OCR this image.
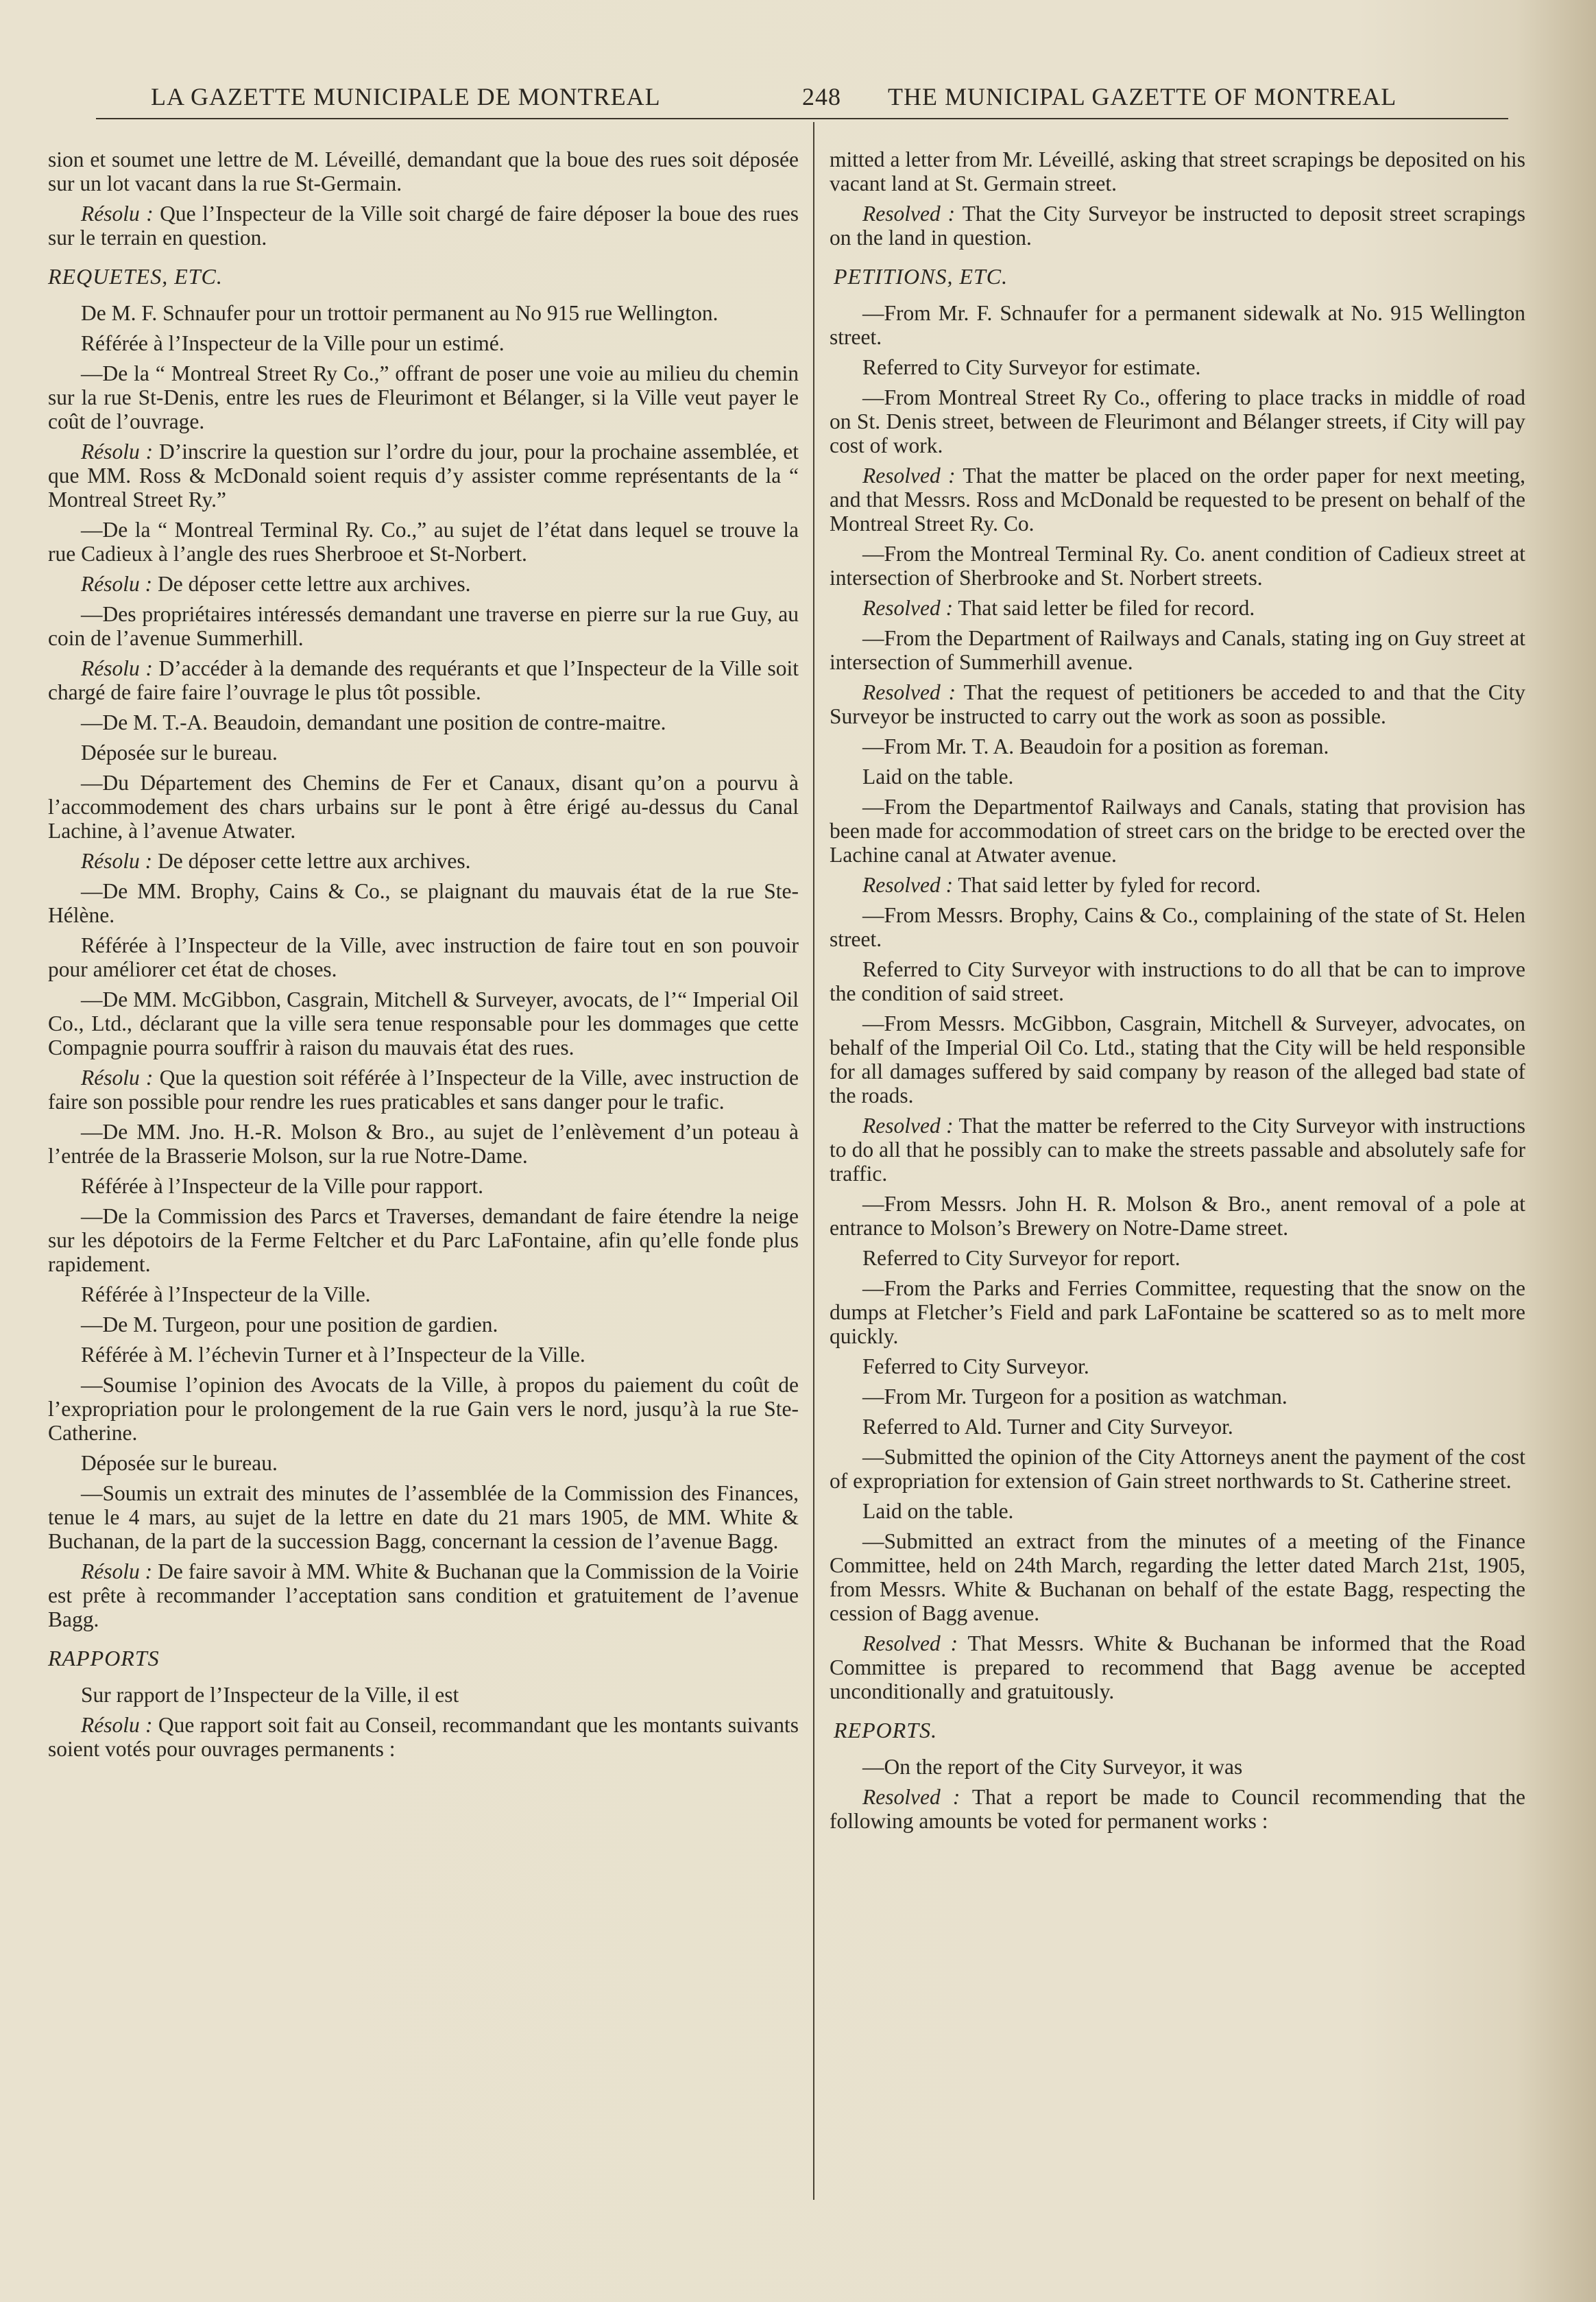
LA GAZETTE MUNICIPALE DE MONTREAL	248 THE MUNICIPAL GAZETTE OF MONTREAL

sion et soumet une lettre de M. Léveillé, demandant que la boue des rues soit déposée sur un lot vacant dans la rue St-Germain.

Résolu : Que l’Inspecteur de la Ville soit chargé de faire déposer la boue des rues sur le terrain en question.

REQUETES, ETC.

De M. F. Schnaufer pour un trottoir permanent au No 915 rue Wellington.

Référée à l’Inspecteur de la Ville pour un estimé.

—De la “ Montreal Street Ry Co.,” offrant de poser une voie au milieu du chemin sur la rue St-Denis, entre les rues de Fleurimont et Bélanger, si la Ville veut payer le coût de l’ouvrage.

Résolu : D’inscrire la question sur l’ordre du jour, pour la prochaine assemblée, et que MM. Ross & McDonald soient requis d’y assister comme représentants de la “ Montreal Street Ry.”

—De la “ Montreal Terminal Ry. Co.,” au sujet de l’état dans lequel se trouve la rue Cadieux à l’angle des rues Sherbrooe et St-Norbert.

Résolu : De déposer cette lettre aux archives.

—Des propriétaires intéressés demandant une traverse en pierre sur la rue Guy, au coin de l’avenue Summerhill.

Résolu : D’accéder à la demande des requérants et que l’Inspecteur de la Ville soit chargé de faire faire l’ouvrage le plus tôt possible.

—De M. T.-A. Beaudoin, demandant une position de contre-maitre.

Déposée sur le bureau.

—Du Département des Chemins de Fer et Canaux, disant qu’on a pourvu à l’accommodement des chars urbains sur le pont à être érigé au-dessus du Canal Lachine, à l’avenue Atwater.

Résolu : De déposer cette lettre aux archives.

—De MM. Brophy, Cains & Co., se plaignant du mauvais état de la rue Ste-Hélène.

Référée à l’Inspecteur de la Ville, avec instruction de faire tout en son pouvoir pour améliorer cet état de choses.

—De MM. McGibbon, Casgrain, Mitchell & Surveyer, avocats, de l’“ Imperial Oil Co., Ltd., déclarant que la ville sera tenue responsable pour les dommages que cette Compagnie pourra souffrir à raison du mauvais état des rues.

Résolu : Que la question soit référée à l’Inspecteur de la Ville, avec instruction de faire son possible pour rendre les rues praticables et sans danger pour le trafic.

—De MM. Jno. H.-R. Molson & Bro., au sujet de l’enlèvement d’un poteau à l’entrée de la Brasserie Molson, sur la rue Notre-Dame.

Référée à l’Inspecteur de la Ville pour rapport.

—De la Commission des Parcs et Traverses, demandant de faire étendre la neige sur les dépotoirs de la Ferme Feltcher et du Parc LaFontaine, afin qu’elle fonde plus rapidement.

Référée à l’Inspecteur de la Ville.

—De M. Turgeon, pour une position de gardien.

Référée à M. l’échevin Turner et à l’Inspecteur de la Ville.

—Soumise l’opinion des Avocats de la Ville, à propos du paiement du coût de l’expropriation pour le prolongement de la rue Gain vers le nord, jusqu’à la rue Ste-Catherine.

Déposée sur le bureau.

—Soumis un extrait des minutes de l’assemblée de la Commission des Finances, tenue le 4 mars, au sujet de la lettre en date du 21 mars 1905, de MM. White & Buchanan, de la part de la succession Bagg, concernant la cession de l’avenue Bagg.

Résolu : De faire savoir à MM. White & Buchanan que la Commission de la Voirie est prête à recommander l’acceptation sans condition et gratuitement de l’avenue Bagg.

RAPPORTS

Sur rapport de l’Inspecteur de la Ville, il est

Résolu : Que rapport soit fait au Conseil, recommandant que les montants suivants soient votés pour ouvrages permanents :

mitted a letter from Mr. Léveillé, asking that street scrapings be deposited on his vacant land at St. Germain street.

Resolved : That the City Surveyor be instructed to deposit street scrapings on the land in question.

PETITIONS, ETC.

—From Mr. F. Schnaufer for a permanent sidewalk at No. 915 Wellington street.

Referred to City Surveyor for estimate.

—From Montreal Street Ry Co., offering to place tracks in middle of road on St. Denis street, between de Fleurimont and Bélanger streets, if City will pay cost of work.

Resolved : That the matter be placed on the order paper for next meeting, and that Messrs. Ross and McDonald be requested to be present on behalf of the Montreal Street Ry. Co.

—From the Montreal Terminal Ry. Co. anent condition of Cadieux street at intersection of Sherbrooke and St. Norbert streets.

Resolved : That said letter be filed for record.

—From the Department of Railways and Canals, stating ing on Guy street at intersection of Summerhill avenue.

Resolved : That the request of petitioners be acceded to and that the City Surveyor be instructed to carry out the work as soon as possible.

—From Mr. T. A. Beaudoin for a position as foreman.

Laid on the table.

—From the Departmentof Railways and Canals, stating that provision has been made for accommodation of street cars on the bridge to be erected over the Lachine canal at Atwater avenue.

Resolved : That said letter by fyled for record.

—From Messrs. Brophy, Cains & Co., complaining of the state of St. Helen street.

Referred to City Surveyor with instructions to do all that be can to improve the condition of said street.

—From Messrs. McGibbon, Casgrain, Mitchell & Surveyer, advocates, on behalf of the Imperial Oil Co. Ltd., stating that the City will be held responsible for all damages suffered by said company by reason of the alleged bad state of the roads.

Resolved : That the matter be referred to the City Surveyor with instructions to do all that he possibly can to make the streets passable and absolutely safe for traffic.

—From Messrs. John H. R. Molson & Bro., anent removal of a pole at entrance to Molson’s Brewery on Notre-Dame street.

Referred to City Surveyor for report.

—From the Parks and Ferries Committee, requesting that the snow on the dumps at Fletcher’s Field and park LaFontaine be scattered so as to melt more quickly.

Feferred to City Surveyor.

—From Mr. Turgeon for a position as watchman.

Referred to Ald. Turner and City Surveyor.

—Submitted the opinion of the City Attorneys anent the payment of the cost of expropriation for extension of Gain street northwards to St. Catherine street.

Laid on the table.

—Submitted an extract from the minutes of a meeting of the Finance Committee, held on 24th March, regarding the letter dated March 21st, 1905, from Messrs. White & Buchanan on behalf of the estate Bagg, respecting the cession of Bagg avenue.

Resolved : That Messrs. White & Buchanan be informed that the Road Committee is prepared to recommend that Bagg avenue be accepted unconditionally and gratuitously.

REPORTS.

—On the report of the City Surveyor, it was

Resolved : That a report be made to Council recommending that the following amounts be voted for permanent works :
